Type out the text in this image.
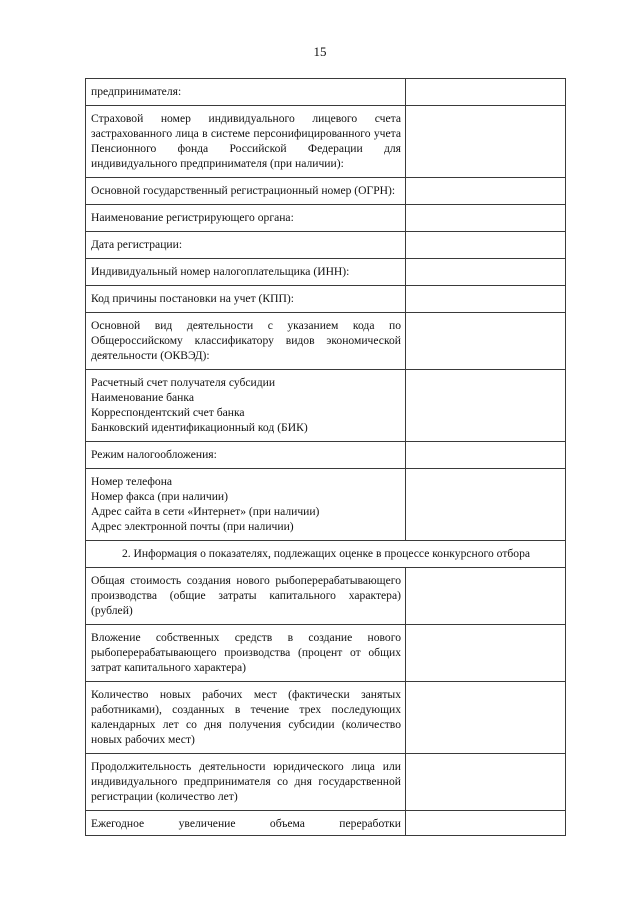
15
предпринимателя:	

Страховой номер индивидуального лицевого счета застрахованного лица в системе персонифицированного учета Пенсионного фонда Российской Федерации для индивидуального предпринимателя (при наличии):	

Основной государственный регистрационный номер (ОГРН):	

Наименование регистрирующего органа:	

Дата регистрации:	

Индивидуальный номер налогоплательщика (ИНН):	

Код причины постановки на учет (КПП):	

Основной вид деятельности с указанием кода по Общероссийскому классификатору видов экономической деятельности (ОКВЭД):	

Расчетный счет получателя субсидии
Наименование банка
Корреспондентский счет банка
Банковский идентификационный код (БИК)	

Режим налогообложения:	

Номер телефона
Номер факса (при наличии)
Адрес сайта в сети «Интернет» (при наличии)
Адрес электронной почты (при наличии)	

2. Информация о показателях, подлежащих оценке в процессе конкурсного отбора	

Общая стоимость создания нового рыбоперерабатывающего производства (общие затраты капитального характера) (рублей)	

Вложение собственных средств в создание нового рыбоперерабатывающего производства (процент от общих затрат капитального характера)	

Количество новых рабочих мест (фактически занятых работниками), созданных в течение трех последующих календарных лет со дня получения субсидии (количество новых рабочих мест)	

Продолжительность деятельности юридического лица или индивидуального предпринимателя со дня государственной регистрации (количество лет)	

Ежегодное увеличение объема переработки	
